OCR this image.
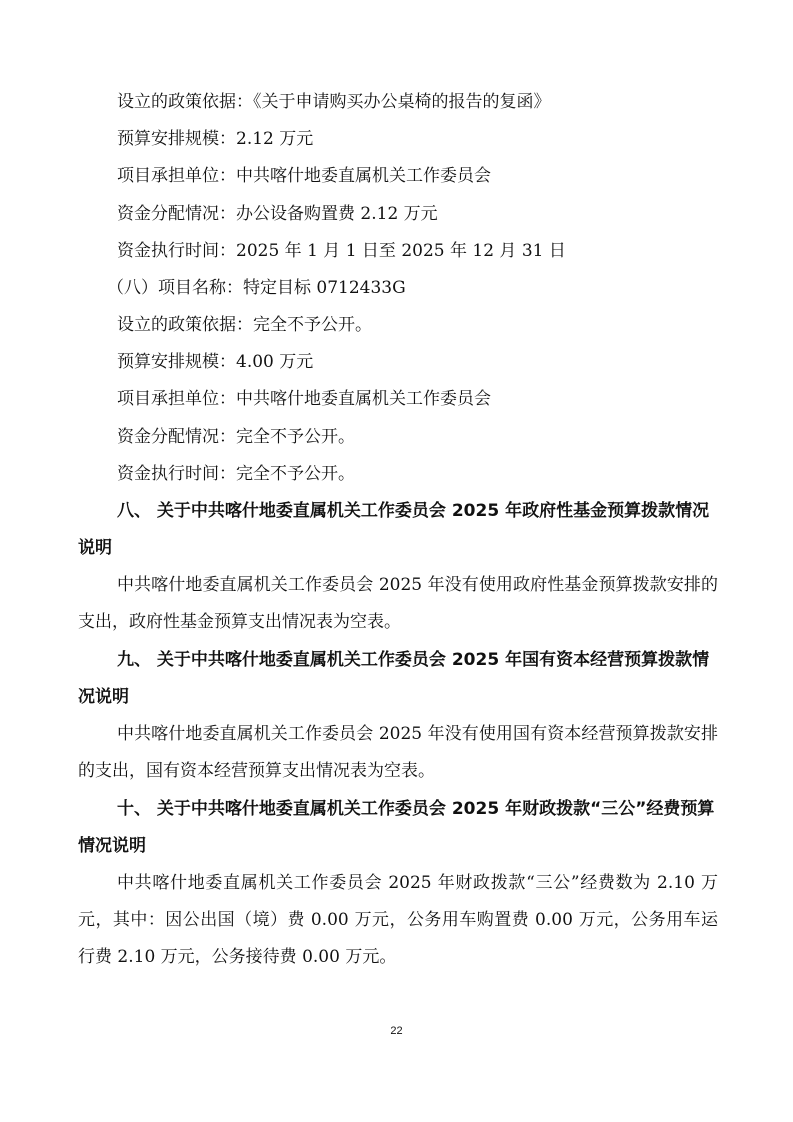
设立的政策依据：《关于申请购买办公桌椅的报告的复函》
预算安排规模：2.12 万元
项目承担单位：中共喀什地委直属机关工作委员会
资金分配情况：办公设备购置费 2.12 万元
资金执行时间：2025 年 1 月 1 日至 2025 年 12 月 31 日
（八）项目名称：特定目标 0712433G
设立的政策依据：完全不予公开。
预算安排规模：4.00 万元
项目承担单位：中共喀什地委直属机关工作委员会
资金分配情况：完全不予公开。
资金执行时间：完全不予公开。
八、 关于中共喀什地委直属机关工作委员会 2025 年政府性基金预算拨款情况说明
中共喀什地委直属机关工作委员会 2025 年没有使用政府性基金预算拨款安排的支出，政府性基金预算支出情况表为空表。
九、 关于中共喀什地委直属机关工作委员会 2025 年国有资本经营预算拨款情况说明
中共喀什地委直属机关工作委员会 2025 年没有使用国有资本经营预算拨款安排的支出，国有资本经营预算支出情况表为空表。
十、 关于中共喀什地委直属机关工作委员会 2025 年财政拨款“三公”经费预算情况说明
中共喀什地委直属机关工作委员会 2025 年财政拨款“三公”经费数为 2.10 万元，其中：因公出国（境）费 0.00 万元，公务用车购置费 0.00 万元，公务用车运行费 2.10 万元，公务接待费 0.00 万元。
22
